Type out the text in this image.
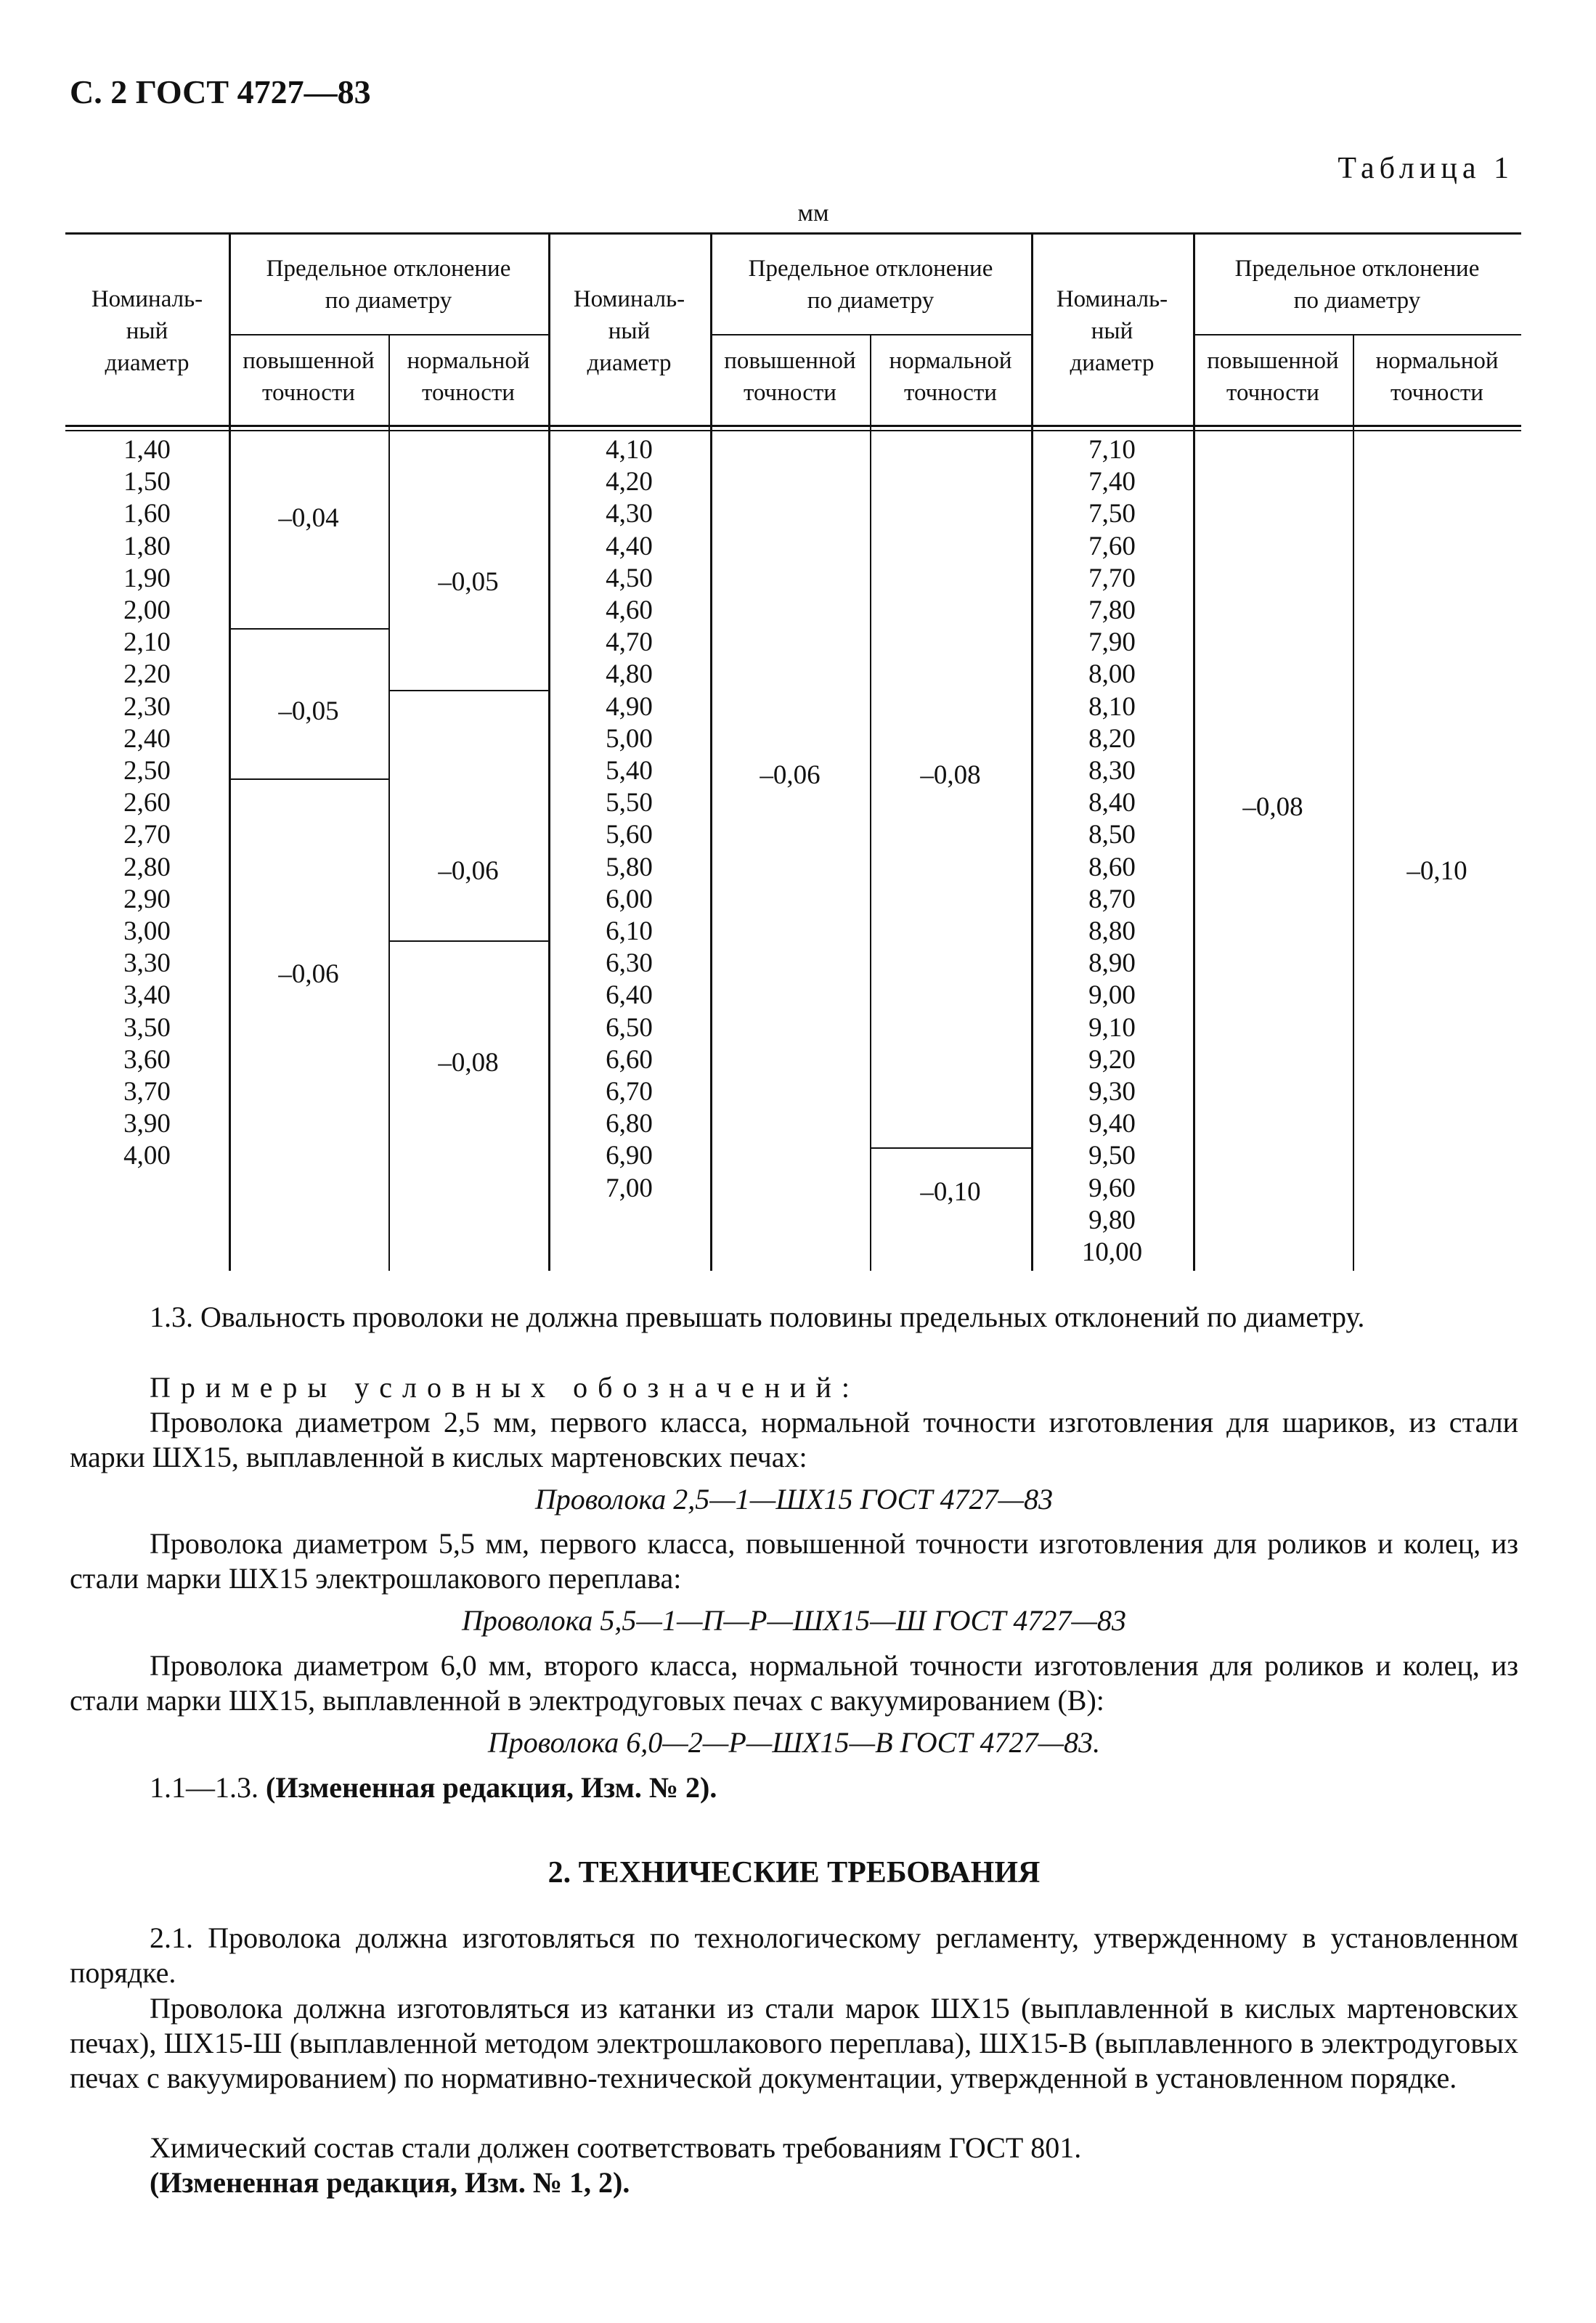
С. 2 ГОСТ 4727—83
Таблица 1
мм
Номиналь-
ный
диаметр
Предельное отклонение
по диаметру
повышенной
точности
нормальной
точности
Номиналь-
ный
диаметр
Предельное отклонение
по диаметру
повышенной
точности
нормальной
точности
Номиналь-
ный
диаметр
Предельное отклонение
по диаметру
повышенной
точности
нормальной
точности
1,40
1,50
1,60
1,80
1,90
2,00
2,10
2,20
2,30
2,40
2,50
2,60
2,70
2,80
2,90
3,00
3,30
3,40
3,50
3,60
3,70
3,90
4,00
4,10
4,20
4,30
4,40
4,50
4,60
4,70
4,80
4,90
5,00
5,40
5,50
5,60
5,80
6,00
6,10
6,30
6,40
6,50
6,60
6,70
6,80
6,90
7,00
7,10
7,40
7,50
7,60
7,70
7,80
7,90
8,00
8,10
8,20
8,30
8,40
8,50
8,60
8,70
8,80
8,90
9,00
9,10
9,20
9,30
9,40
9,50
9,60
9,80
10,00
–0,04
–0,05
–0,06
–0,05
–0,06
–0,08
–0,06	–0,08
–0,10
–0,08
–0,10
1.3. Овальность проволоки не должна превышать половины предельных отклонений по диаметру.
Примеры условных обозначений:
Проволока диаметром 2,5 мм, первого класса, нормальной точности изготовления для шариков, из стали марки ШХ15, выплавленной в кислых мартеновских печах:
Проволока 2,5—1—ШХ15 ГОСТ 4727—83
Проволока диаметром 5,5 мм, первого класса, повышенной точности изготовления для роликов и колец, из стали марки ШХ15 электрошлакового переплава:
Проволока 5,5—1—П—Р—ШХ15—Ш ГОСТ 4727—83
Проволока диаметром 6,0 мм, второго класса, нормальной точности изготовления для роликов и колец, из стали марки ШХ15, выплавленной в электродуговых печах с вакуумированием (В):
Проволока 6,0—2—Р—ШХ15—В ГОСТ 4727—83.
1.1—1.3. (Измененная редакция, Изм. № 2).
2. ТЕХНИЧЕСКИЕ ТРЕБОВАНИЯ
2.1. Проволока должна изготовляться по технологическому регламенту, утвержденному в установленном порядке.
Проволока должна изготовляться из катанки из стали марок ШХ15 (выплавленной в кислых мартеновских печах), ШХ15-Ш (выплавленной методом электрошлакового переплава), ШХ15-В (выплавленного в электродуговых печах с вакуумированием) по нормативно-технической документации, утвержденной в установленном порядке.
Химический состав стали должен соответствовать требованиям ГОСТ 801.
(Измененная редакция, Изм. № 1, 2).
